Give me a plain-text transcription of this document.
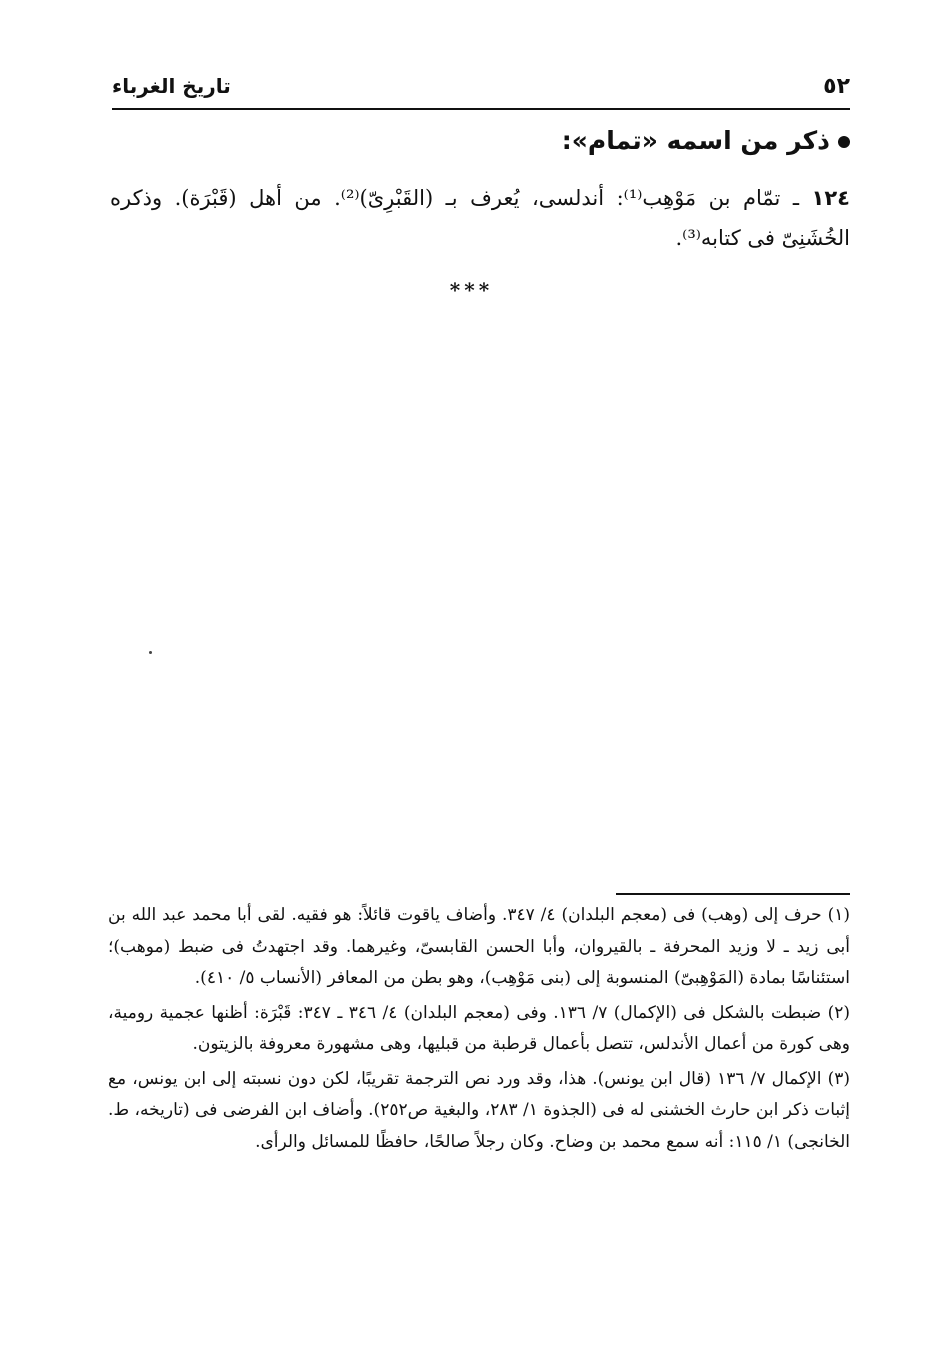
٥٢
تاريخ الغرباء
ذكر من اسمه «تمام»:
١٢٤ ـ تمّام بن مَوْهِب⁽¹⁾: أندلسى، يُعرف بـ (القَبْرِىّ)⁽²⁾. من أهل (قَبْرَة). وذكره الخُشَنِىّ فى كتابه⁽³⁾.
***

(١) حرف إلى (وهب) فى (معجم البلدان) ٤/ ٣٤٧. وأضاف ياقوت قائلاً: هو فقيه. لقى أبا محمد عبد الله بن أبى زيد ـ لا وزيد المحرفة ـ بالقيروان، وأبا الحسن القابسىّ، وغيرهما. وقد اجتهدتُ فى ضبط (موهب)؛ استئناسًا بمادة (المَوْهِبىّ) المنسوبة إلى (بنى مَوْهِب)، وهو بطن من المعافر (الأنساب ٥/ ٤١٠).

(٢) ضبطت بالشكل فى (الإكمال) ٧/ ١٣٦. وفى (معجم البلدان) ٤/ ٣٤٦ ـ ٣٤٧: قَبْرَة: أظنها عجمية رومية، وهى كورة من أعمال الأندلس، تتصل بأعمال قرطبة من قبليها، وهى مشهورة معروفة بالزيتون.

(٣) الإكمال ٧/ ١٣٦ (قال ابن يونس). هذا، وقد ورد نص الترجمة تقريبًا، لكن دون نسبته إلى ابن يونس، مع إثبات ذكر ابن حارث الخشنى له فى (الجذوة ١/ ٢٨٣، والبغية ص٢٥٢). وأضاف ابن الفرضى فى (تاريخه، ط. الخانجى) ١/ ١١٥: أنه سمع محمد بن وضاح. وكان رجلاً صالحًا، حافظًا للمسائل والرأى.
